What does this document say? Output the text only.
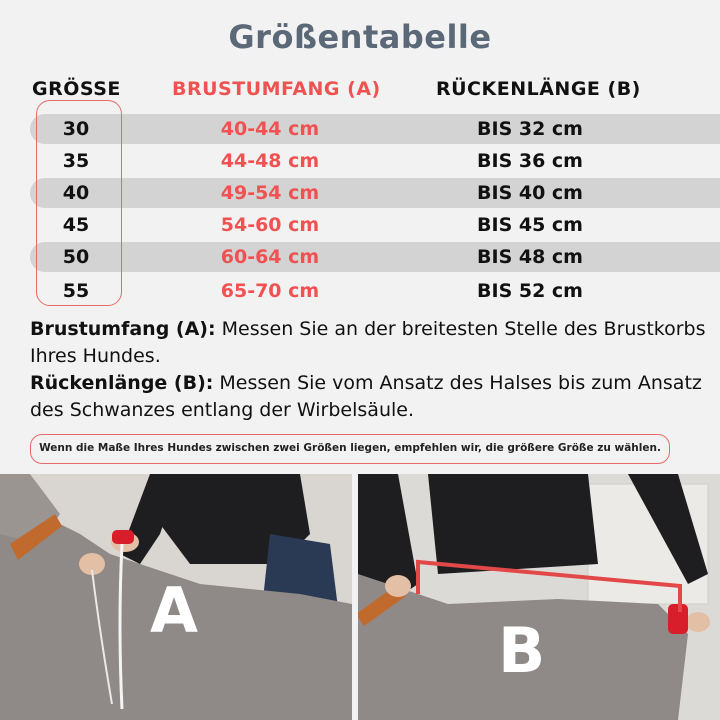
Größentabelle
GRÖSSE	BRUSTUMFANG (A)	RÜCKENLÄNGE (B)
30	40-44 cm	BIS 32 cm
35	44-48 cm	BIS 36 cm
40	49-54 cm	BIS 40 cm
45	54-60 cm	BIS 45 cm
50	60-64 cm	BIS 48 cm
55	65-70 cm	BIS 52 cm
Brustumfang (A): Messen Sie an der breitesten Stelle des Brustkorbs Ihres Hundes.
Rückenlänge (B): Messen Sie vom Ansatz des Halses bis zum Ansatz des Schwanzes entlang der Wirbelsäule.
Wenn die Maße Ihres Hundes zwischen zwei Größen liegen, empfehlen wir, die größere Größe zu wählen.
A
B
